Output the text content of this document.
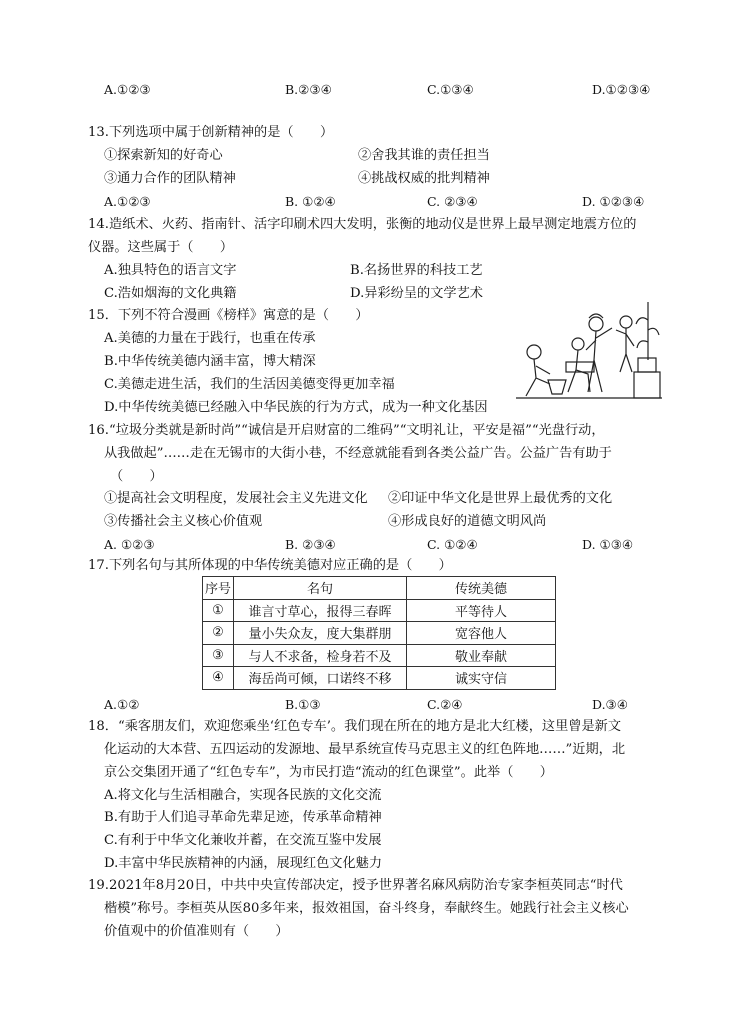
A.①②③	B.②③④	C.①③④	D.①②③④
13.下列选项中属于创新精神的是（　　）
①探索新知的好奇心	②舍我其谁的责任担当
③通力合作的团队精神	④挑战权威的批判精神
A.①②③	B. ①②④	C. ②③④	D. ①②③④
14.造纸术、火药、指南针、活字印刷术四大发明，张衡的地动仪是世界上最早测定地震方位的
仪器。这些属于（　　）
A.独具特色的语言文字	B.名扬世界的科技工艺
C.浩如烟海的文化典籍	D.异彩纷呈的文学艺术
15．下列不符合漫画《榜样》寓意的是（　　）
A.美德的力量在于践行，也重在传承
B.中华传统美德内涵丰富，博大精深
C.美德走进生活，我们的生活因美德变得更加幸福
D.中华传统美德已经融入中华民族的行为方式，成为一种文化基因
16.“垃圾分类就是新时尚”“诚信是开启财富的二维码”“文明礼让，平安是福”“光盘行动，
从我做起”……走在无锡市的大街小巷，不经意就能看到各类公益广告。公益广告有助于
（　　）
①提高社会文明程度，发展社会主义先进文化 ②印证中华文化是世界上最优秀的文化
③传播社会主义核心价值观	④形成良好的道德文明风尚
A. ①②③	B. ②③④	C. ①②④	D. ①③④
17.下列名句与其所体现的中华传统美德对应正确的是（　　）
序号	名句	传统美德
①	谁言寸草心，报得三春晖	平等待人
②	量小失众友，度大集群朋	宽容他人
③	与人不求备，检身若不及	敬业奉献
④	海岳尚可倾，口诺终不移	诚实守信
A.①②	B.①③	C.②④	D.③④
18．“乘客朋友们，欢迎您乘坐‘红色专车’。我们现在所在的地方是北大红楼，这里曾是新文
化运动的大本营、五四运动的发源地、最早系统宣传马克思主义的红色阵地……”近期，北
京公交集团开通了“红色专车”，为市民打造“流动的红色课堂”。此举（　　）
A.将文化与生活相融合，实现各民族的文化交流
B.有助于人们追寻革命先辈足迹，传承革命精神
C.有利于中华文化兼收并蓄，在交流互鉴中发展
D.丰富中华民族精神的内涵，展现红色文化魅力
19.2021年8月20日，中共中央宣传部决定，授予世界著名麻风病防治专家李桓英同志“时代
楷模”称号。李桓英从医80多年来，报效祖国，奋斗终身，奉献终生。她践行社会主义核心
价值观中的价值准则有（　　）
